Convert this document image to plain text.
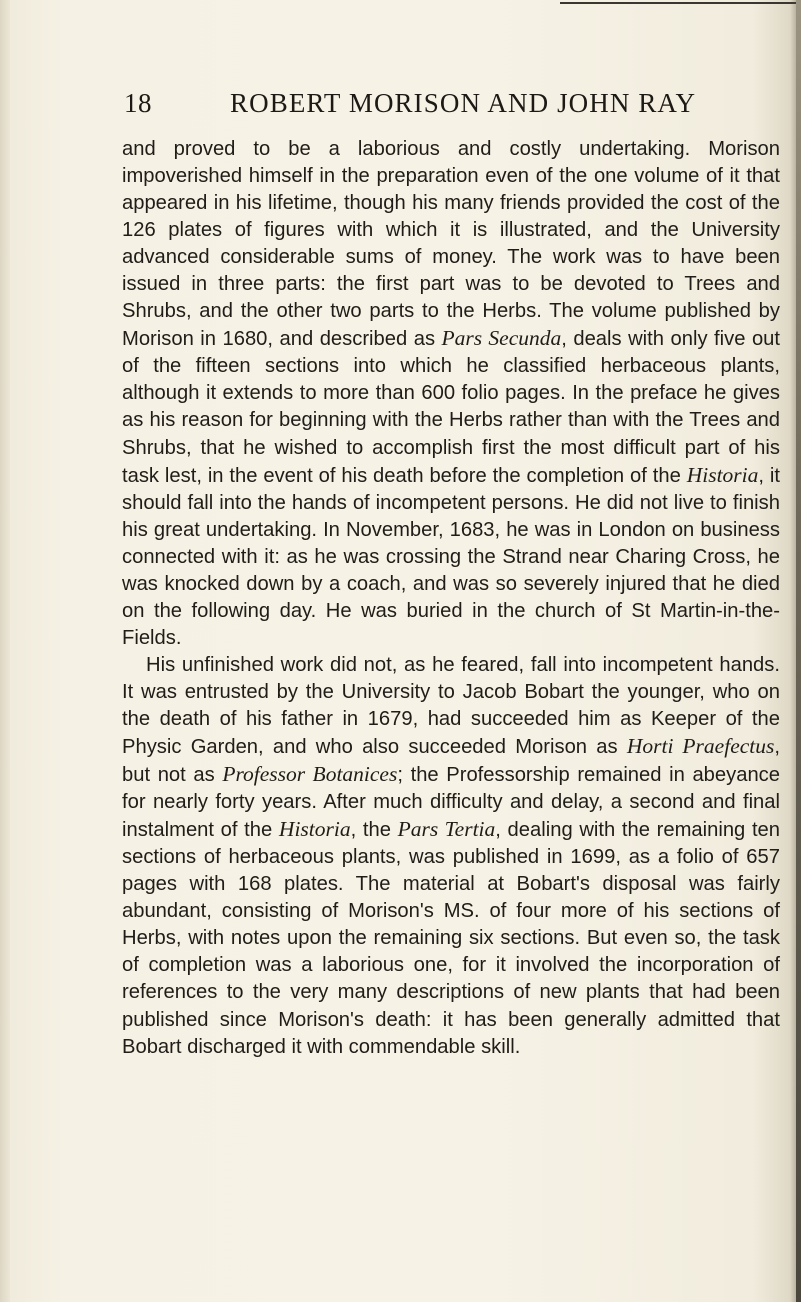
18	ROBERT MORISON AND JOHN RAY

and proved to be a laborious and costly undertaking. Morison impoverished himself in the preparation even of the one volume of it that appeared in his lifetime, though his many friends provided the cost of the 126 plates of figures with which it is illustrated, and the University advanced considerable sums of money. The work was to have been issued in three parts: the first part was to be devoted to Trees and Shrubs, and the other two parts to the Herbs. The volume published by Morison in 1680, and described as Pars Secunda, deals with only five out of the fifteen sections into which he classified herbaceous plants, although it extends to more than 600 folio pages. In the preface he gives as his reason for beginning with the Herbs rather than with the Trees and Shrubs, that he wished to accomplish first the most difficult part of his task lest, in the event of his death before the completion of the Historia, it should fall into the hands of incompetent persons. He did not live to finish his great undertaking. In November, 1683, he was in London on business connected with it: as he was crossing the Strand near Charing Cross, he was knocked down by a coach, and was so severely injured that he died on the following day. He was buried in the church of St Martin-in-the-Fields.

His unfinished work did not, as he feared, fall into incompetent hands. It was entrusted by the University to Jacob Bobart the younger, who on the death of his father in 1679, had succeeded him as Keeper of the Physic Garden, and who also succeeded Morison as Horti Praefectus, but not as Professor Botanices; the Professorship remained in abeyance for nearly forty years. After much difficulty and delay, a second and final instalment of the Historia, the Pars Tertia, dealing with the remaining ten sections of herbaceous plants, was published in 1699, as a folio of 657 pages with 168 plates. The material at Bobart's disposal was fairly abundant, consisting of Morison's MS. of four more of his sections of Herbs, with notes upon the remaining six sections. But even so, the task of completion was a laborious one, for it involved the incorporation of references to the very many descriptions of new plants that had been published since Morison's death: it has been generally admitted that Bobart discharged it with commendable skill.
